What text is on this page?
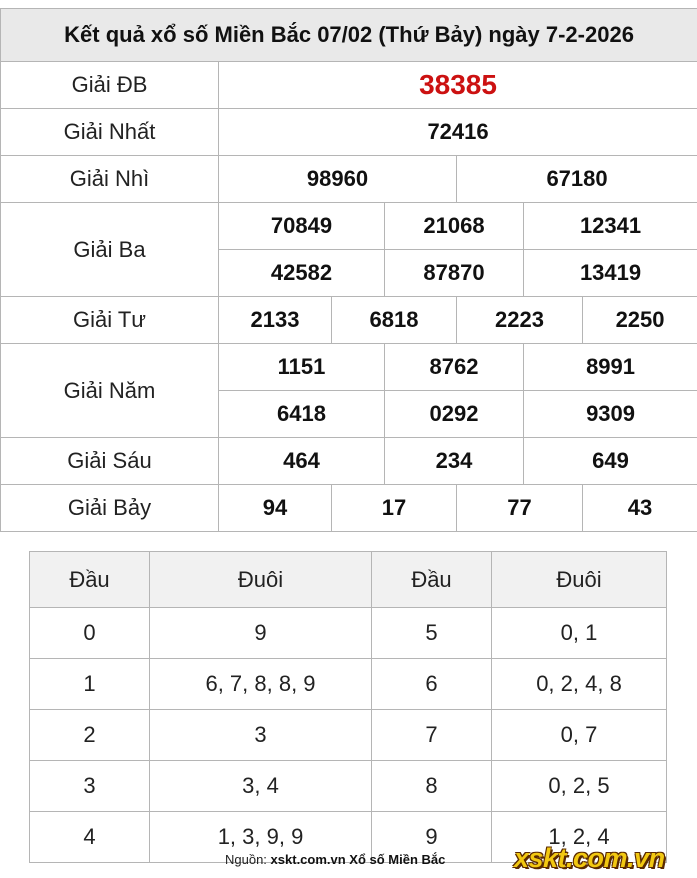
Kết quả xổ số Miền Bắc 07/02 (Thứ Bảy) ngày 7-2-2026						
Giải ĐB	38385					
Giải Nhất	72416					
Giải Nhì	98960			67180		
Giải Ba	70849		21068		12341	
	42582		87870		13419	
Giải Tư	2133	6818		2223		2250
Giải Năm	1151		8762		8991	
	6418		0292		9309	
Giải Sáu	464		234		649	
Giải Bảy	94	17		77		43
Đầu	Đuôi	Đầu	Đuôi
0	9	5	0, 1
1	6, 7, 8, 8, 9	6	0, 2, 4, 8
2	3	7	0, 7
3	3, 4	8	0, 2, 5
4	1, 3, 9, 9	9	1, 2, 4
Nguồn: xskt.com.vn Xổ số Miền Bắc	xskt.com.vn
